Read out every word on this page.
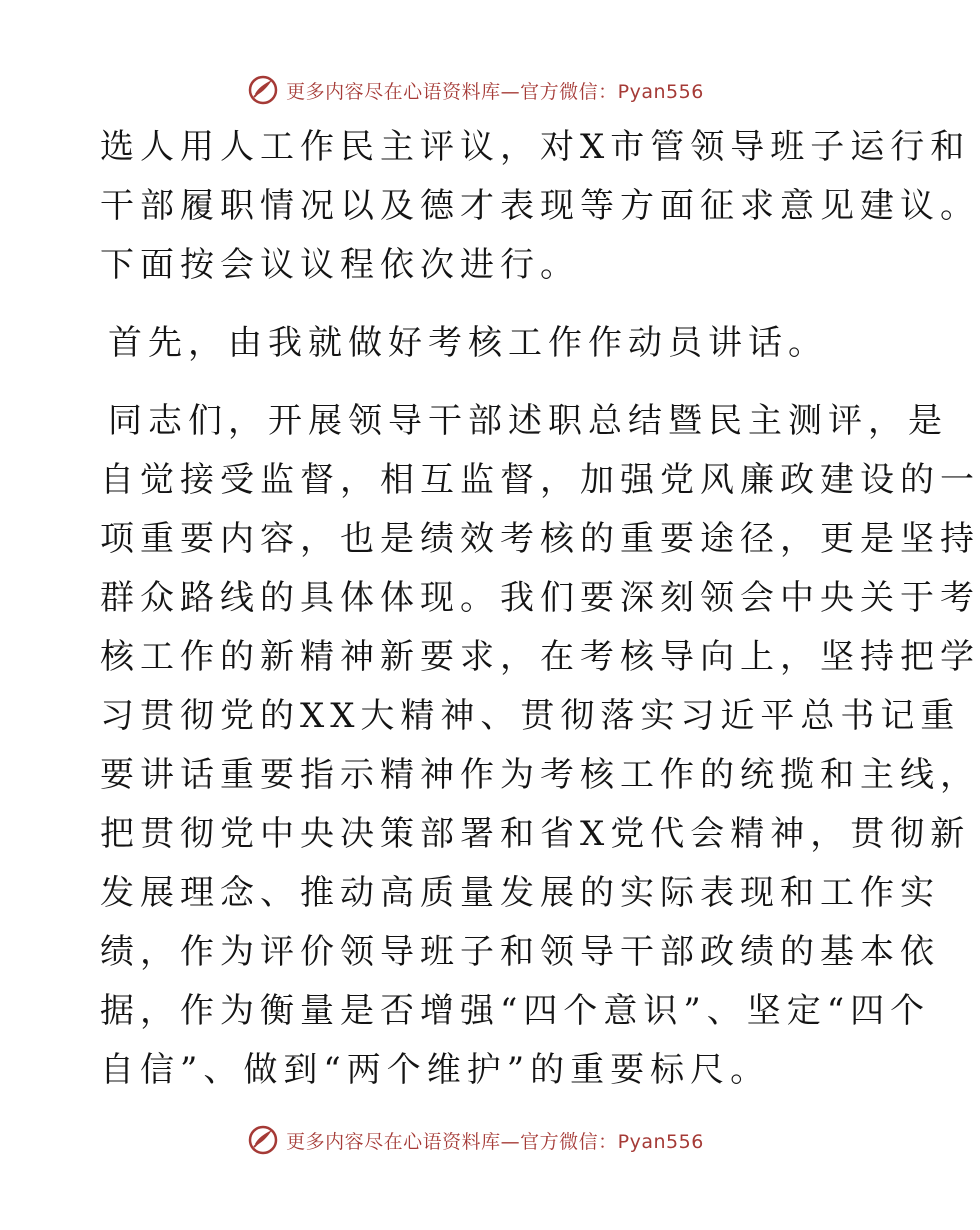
更多内容尽在心语资料库—官方微信：Pyan556
选人用人工作民主评议，对X市管领导班子运行和
干部履职情况以及德才表现等方面征求意见建议。
下面按会议议程依次进行。
首先，由我就做好考核工作作动员讲话。
同志们，开展领导干部述职总结暨民主测评，是
自觉接受监督，相互监督，加强党风廉政建设的一
项重要内容，也是绩效考核的重要途径，更是坚持
群众路线的具体体现。我们要深刻领会中央关于考
核工作的新精神新要求，在考核导向上，坚持把学
习贯彻党的XX大精神、贯彻落实习近平总书记重
要讲话重要指示精神作为考核工作的统揽和主线，
把贯彻党中央决策部署和省X党代会精神，贯彻新
发展理念、推动高质量发展的实际表现和工作实
绩，作为评价领导班子和领导干部政绩的基本依
据，作为衡量是否增强“四个意识”、坚定“四个
自信”、做到“两个维护”的重要标尺。
更多内容尽在心语资料库—官方微信：Pyan556
